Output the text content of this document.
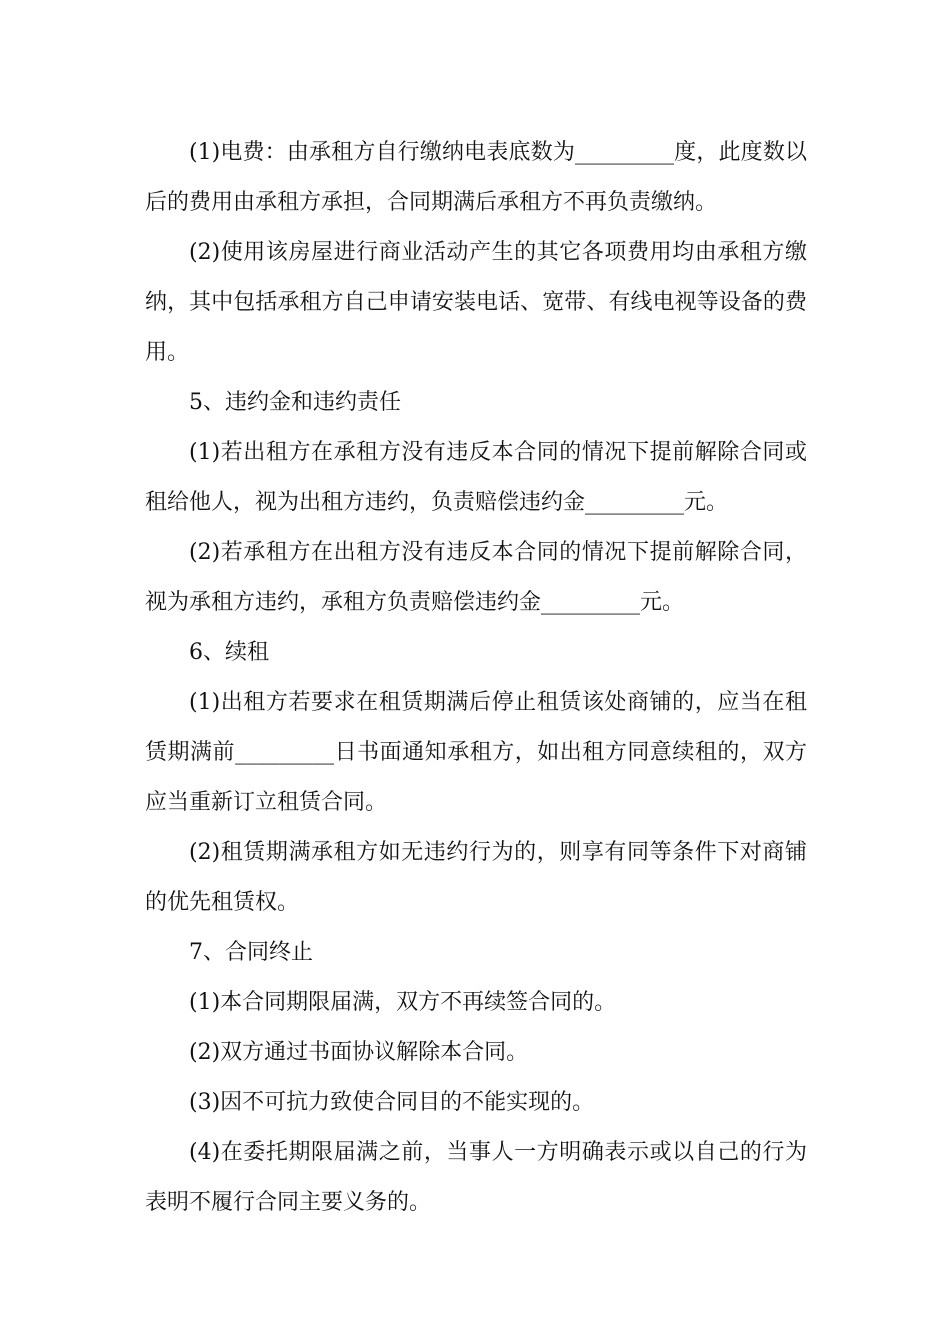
(1)电费：由承租方自行缴纳电表底数为_________度，此度数以后的费用由承租方承担，合同期满后承租方不再负责缴纳。

(2)使用该房屋进行商业活动产生的其它各项费用均由承租方缴纳，其中包括承租方自己申请安装电话、宽带、有线电视等设备的费用。

5、违约金和违约责任

(1)若出租方在承租方没有违反本合同的情况下提前解除合同或租给他人，视为出租方违约，负责赔偿违约金_________元。

(2)若承租方在出租方没有违反本合同的情况下提前解除合同，视为承租方违约，承租方负责赔偿违约金_________元。

6、续租

(1)出租方若要求在租赁期满后停止租赁该处商铺的，应当在租赁期满前_________日书面通知承租方，如出租方同意续租的，双方应当重新订立租赁合同。

(2)租赁期满承租方如无违约行为的，则享有同等条件下对商铺的优先租赁权。

7、合同终止

(1)本合同期限届满，双方不再续签合同的。

(2)双方通过书面协议解除本合同。

(3)因不可抗力致使合同目的不能实现的。

(4)在委托期限届满之前，当事人一方明确表示或以自己的行为表明不履行合同主要义务的。
